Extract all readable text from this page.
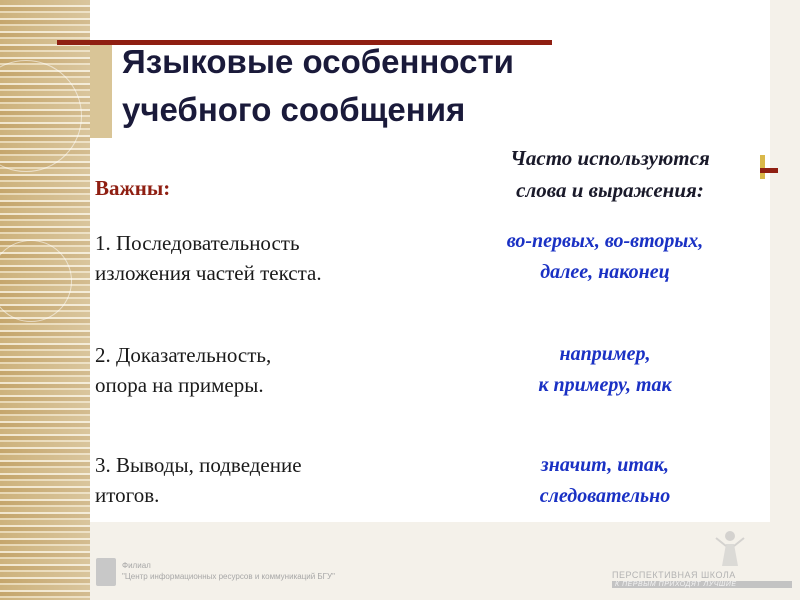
Языковые особенности
учебного сообщения
Важны:
Часто используются
слова и выражения:
1. Последовательность
изложения частей текста.
во-первых, во-вторых,
далее, наконец
2. Доказательность,
опора на примеры.
например,
к примеру, так
3. Выводы, подведение
итогов.
значит, итак,
следовательно
Филиал
"Центр информационных ресурсов и коммуникаций БГУ"	ПЕРСПЕКТИВНАЯ ШКОЛА
К ПЕРВЫМ ПРИХОДЯТ ЛУЧШИЕ
